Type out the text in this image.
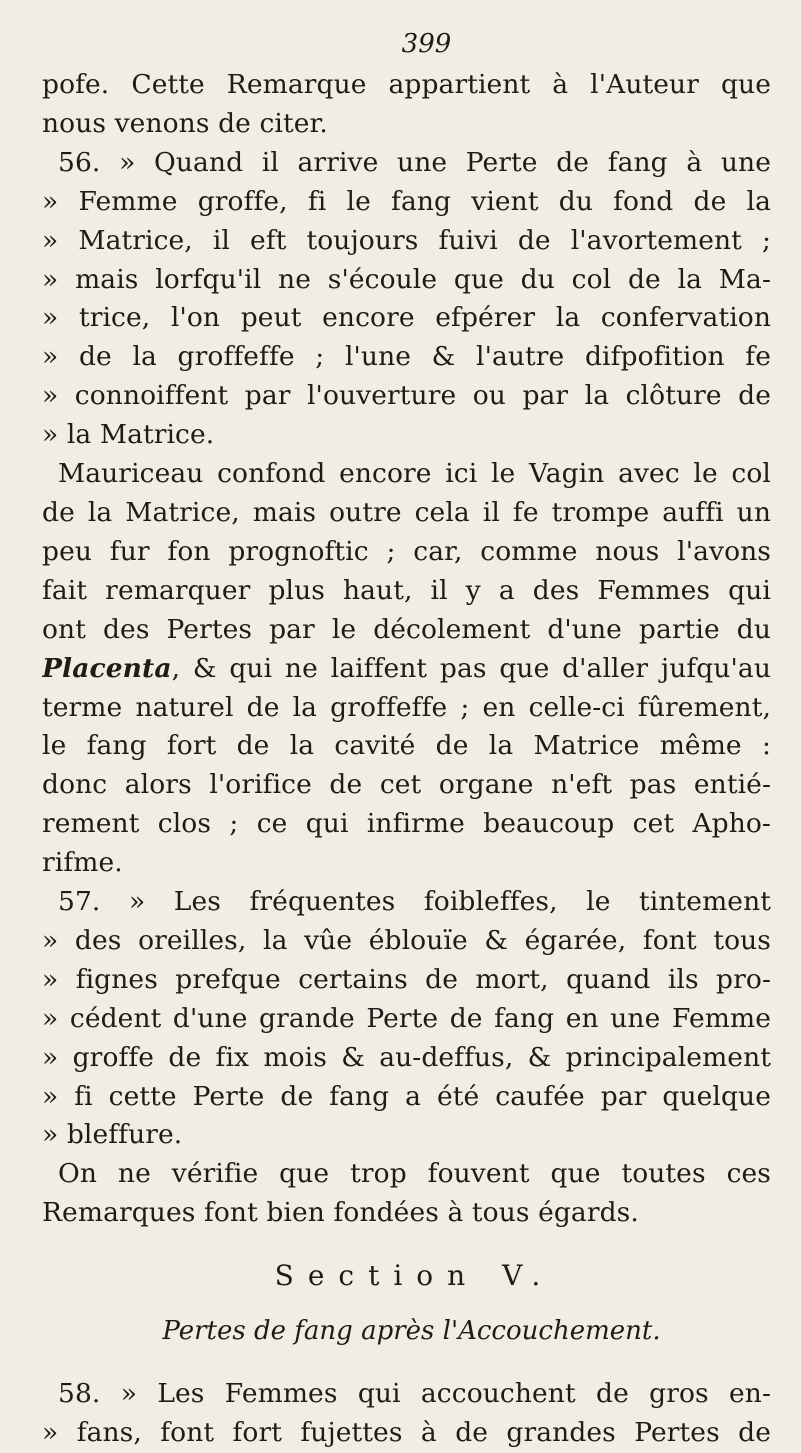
399
pofe. Cette Remarque appartient à l'Auteur que
nous venons de citer.
56. » Quand il arrive une Perte de fang à une
» Femme groffe, fi le fang vient du fond de la
» Matrice, il eft toujours fuivi de l'avortement ;
» mais lorfqu'il ne s'écoule que du col de la Ma-
» trice, l'on peut encore efpérer la confervation
» de la groffeffe ; l'une & l'autre difpofition fe
» connoiffent par l'ouverture ou par la clôture de
» la Matrice.
Mauriceau confond encore ici le Vagin avec le col
de la Matrice, mais outre cela il fe trompe auffi un
peu fur fon prognoftic ; car, comme nous l'avons
fait remarquer plus haut, il y a des Femmes qui
ont des Pertes par le décolement d'une partie du
Placenta, & qui ne laiffent pas que d'aller jufqu'au
terme naturel de la groffeffe ; en celle-ci fûrement,
le fang fort de la cavité de la Matrice même :
donc alors l'orifice de cet organe n'eft pas entié-
rement clos ; ce qui infirme beaucoup cet Apho-
rifme.
57. » Les fréquentes foibleffes, le tintement
» des oreilles, la vûe éblouïe & égarée, font tous
» fignes prefque certains de mort, quand ils pro-
» cédent d'une grande Perte de fang en une Femme
» groffe de fix mois & au-deffus, & principalement
» fi cette Perte de fang a été caufée par quelque
» bleffure.
On ne vérifie que trop fouvent que toutes ces
Remarques font bien fondées à tous égards.
Section V.
Pertes de fang après l'Accouchement.
58. » Les Femmes qui accouchent de gros en-
» fans, font fort fujettes à de grandes Pertes de
